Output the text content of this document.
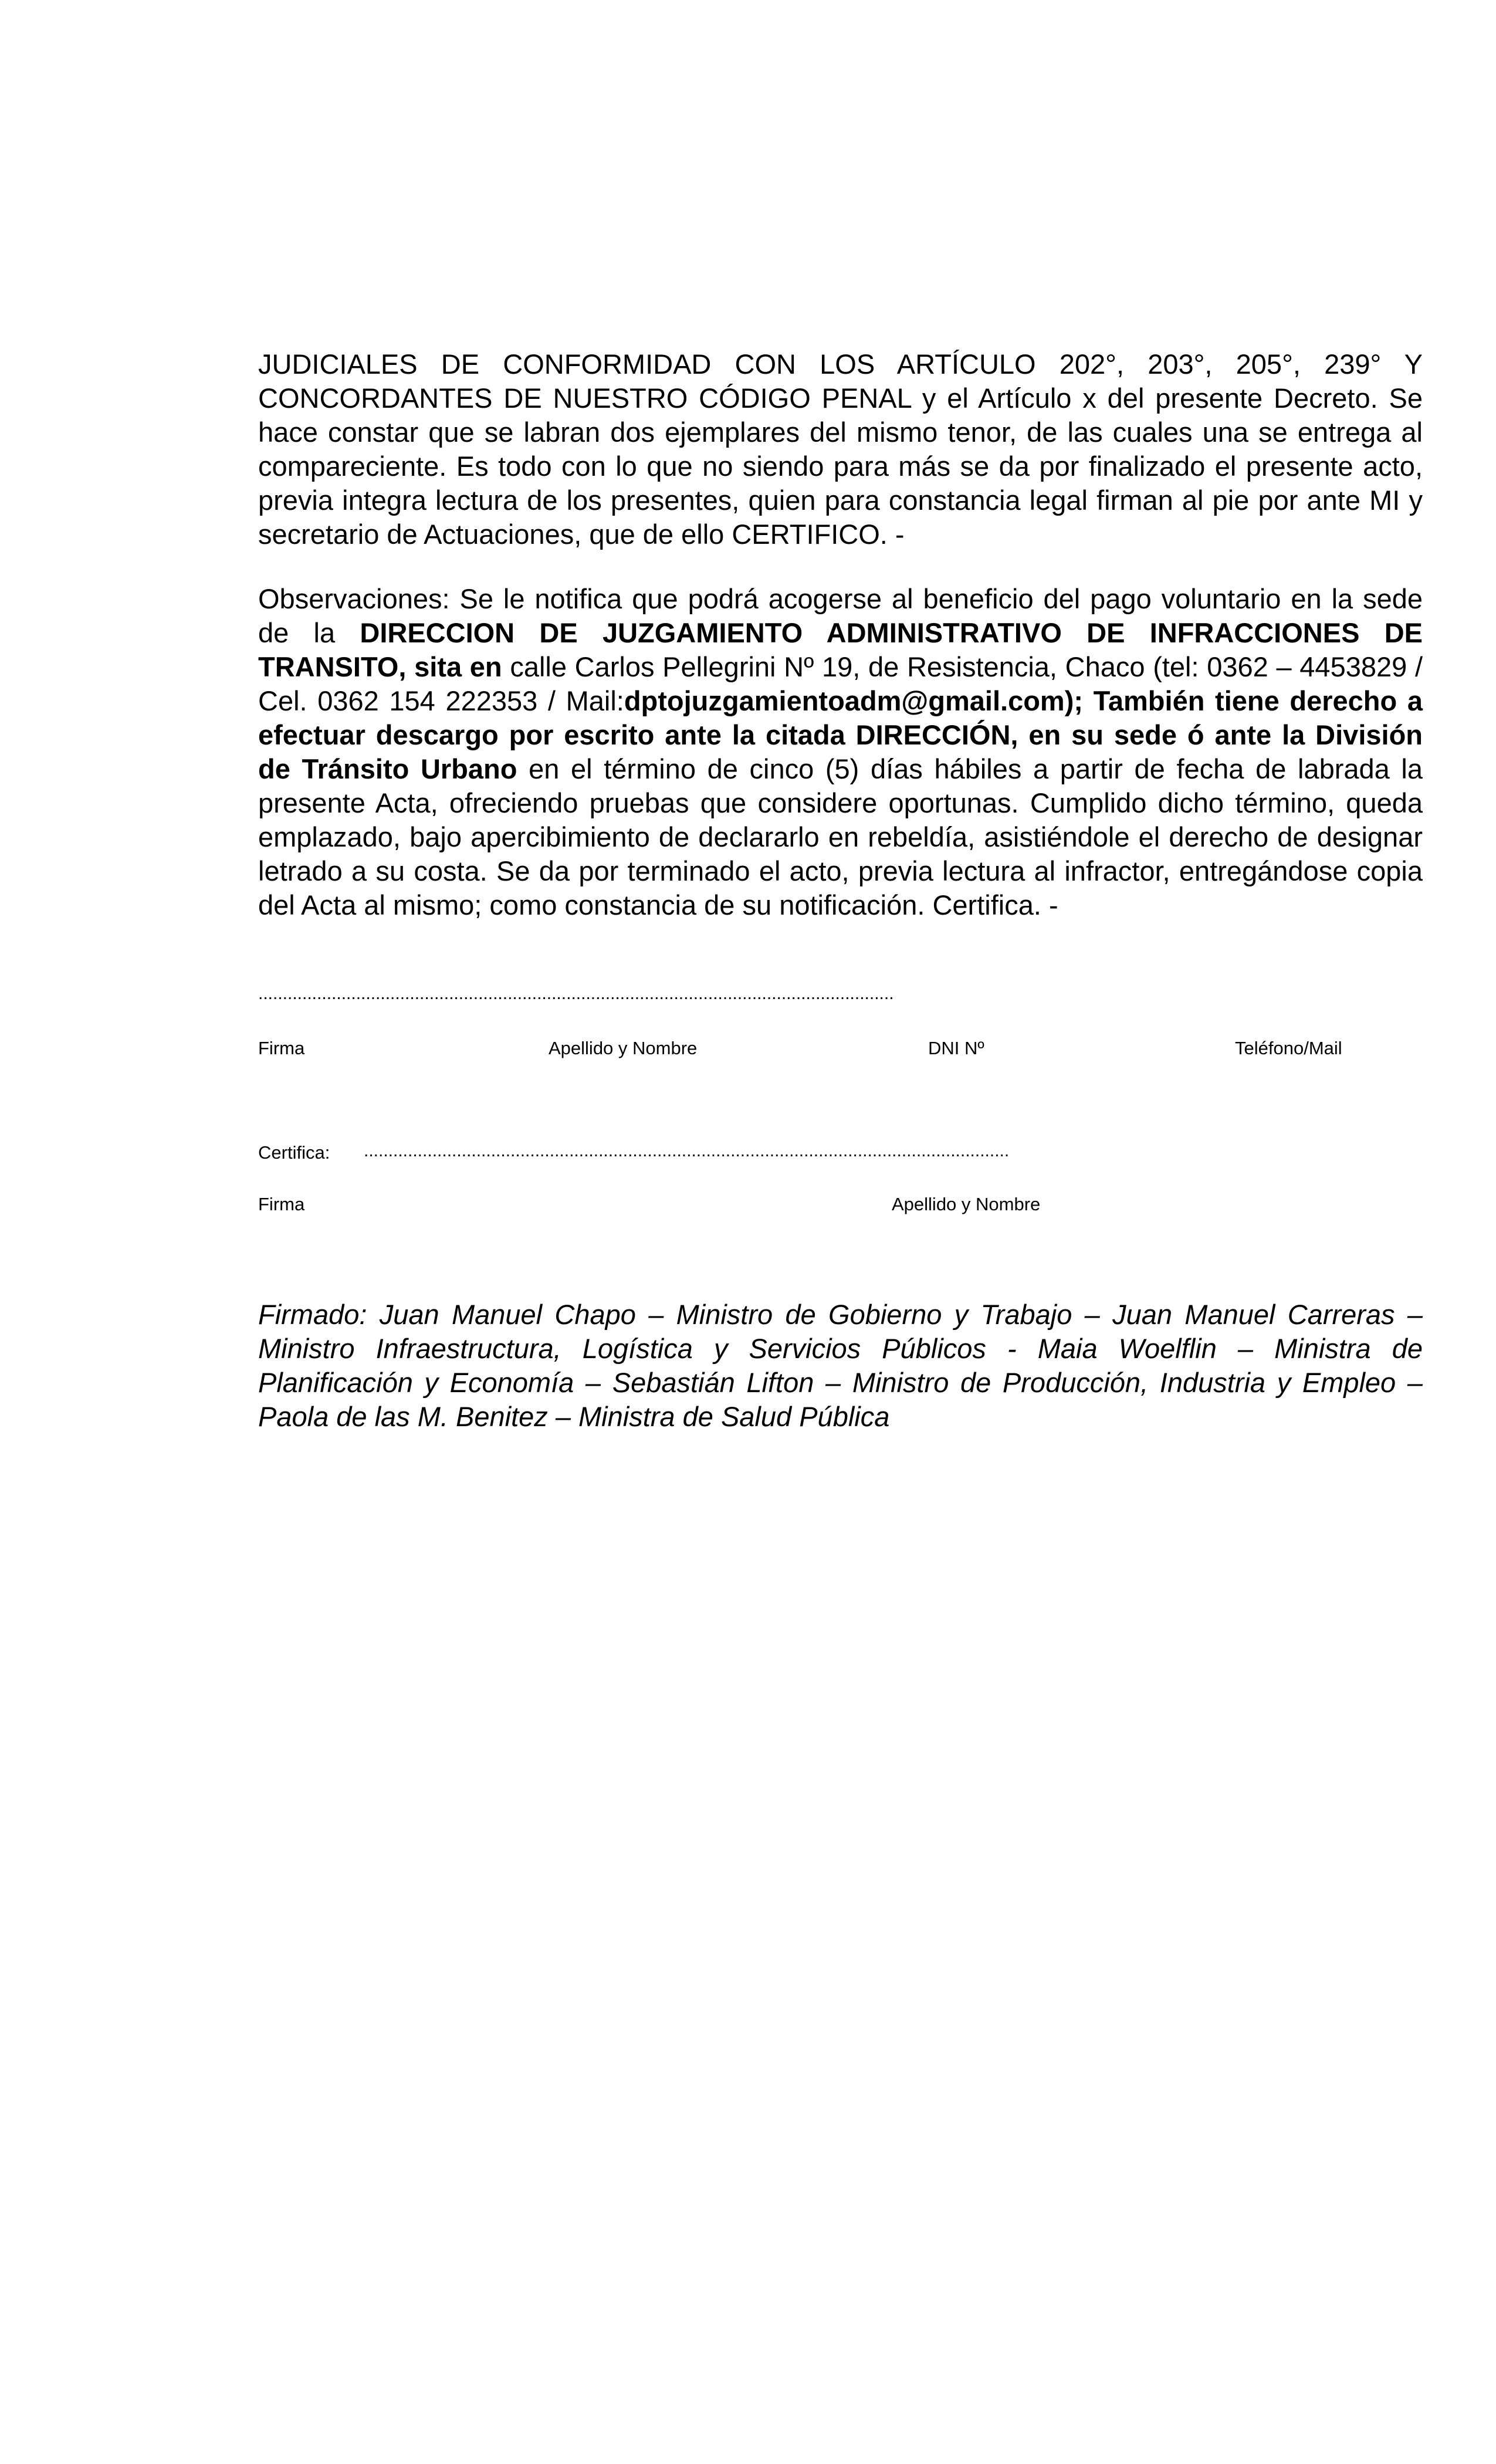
JUDICIALES DE CONFORMIDAD CON LOS ARTÍCULO 202°, 203°, 205°, 239° Y CONCORDANTES DE NUESTRO CÓDIGO PENAL y el Artículo x del presente Decreto. Se hace constar que se labran dos ejemplares del mismo tenor, de las cuales una se entrega al compareciente. Es todo con lo que no siendo para más se da por finalizado el presente acto, previa integra lectura de los presentes, quien para constancia legal firman al pie por ante MI y secretario de Actuaciones, que de ello CERTIFICO. -

Observaciones: Se le notifica que podrá acogerse al beneficio del pago voluntario en la sede de la DIRECCION DE JUZGAMIENTO ADMINISTRATIVO DE INFRACCIONES DE TRANSITO, sita en calle Carlos Pellegrini Nº 19, de Resistencia, Chaco (tel: 0362 – 4453829 / Cel. 0362 154 222353 / Mail:dptojuzgamientoadm@gmail.com); También tiene derecho a efectuar descargo por escrito ante la citada DIRECCIÓN, en su sede ó ante la División de Tránsito Urbano en el término de cinco (5) días hábiles a partir de fecha de labrada la presente Acta, ofreciendo pruebas que considere oportunas. Cumplido dicho término, queda emplazado, bajo apercibimiento de declararlo en rebeldía, asistiéndole el derecho de designar letrado a su costa. Se da por terminado el acto, previa lectura al infractor, entregándose copia del Acta al mismo; como constancia de su notificación. Certifica. -

..................................................................................................................................
Firma	Apellido y Nombre	DNI Nº	Teléfono/Mail
Certifica: ....................................................................................................................................
Firma	Apellido y Nombre

Firmado: Juan Manuel Chapo – Ministro de Gobierno y Trabajo – Juan Manuel Carreras – Ministro Infraestructura, Logística y Servicios Públicos - Maia Woelflin – Ministra de Planificación y Economía – Sebastián Lifton – Ministro de Producción, Industria y Empleo – Paola de las M. Benitez – Ministra de Salud Pública
